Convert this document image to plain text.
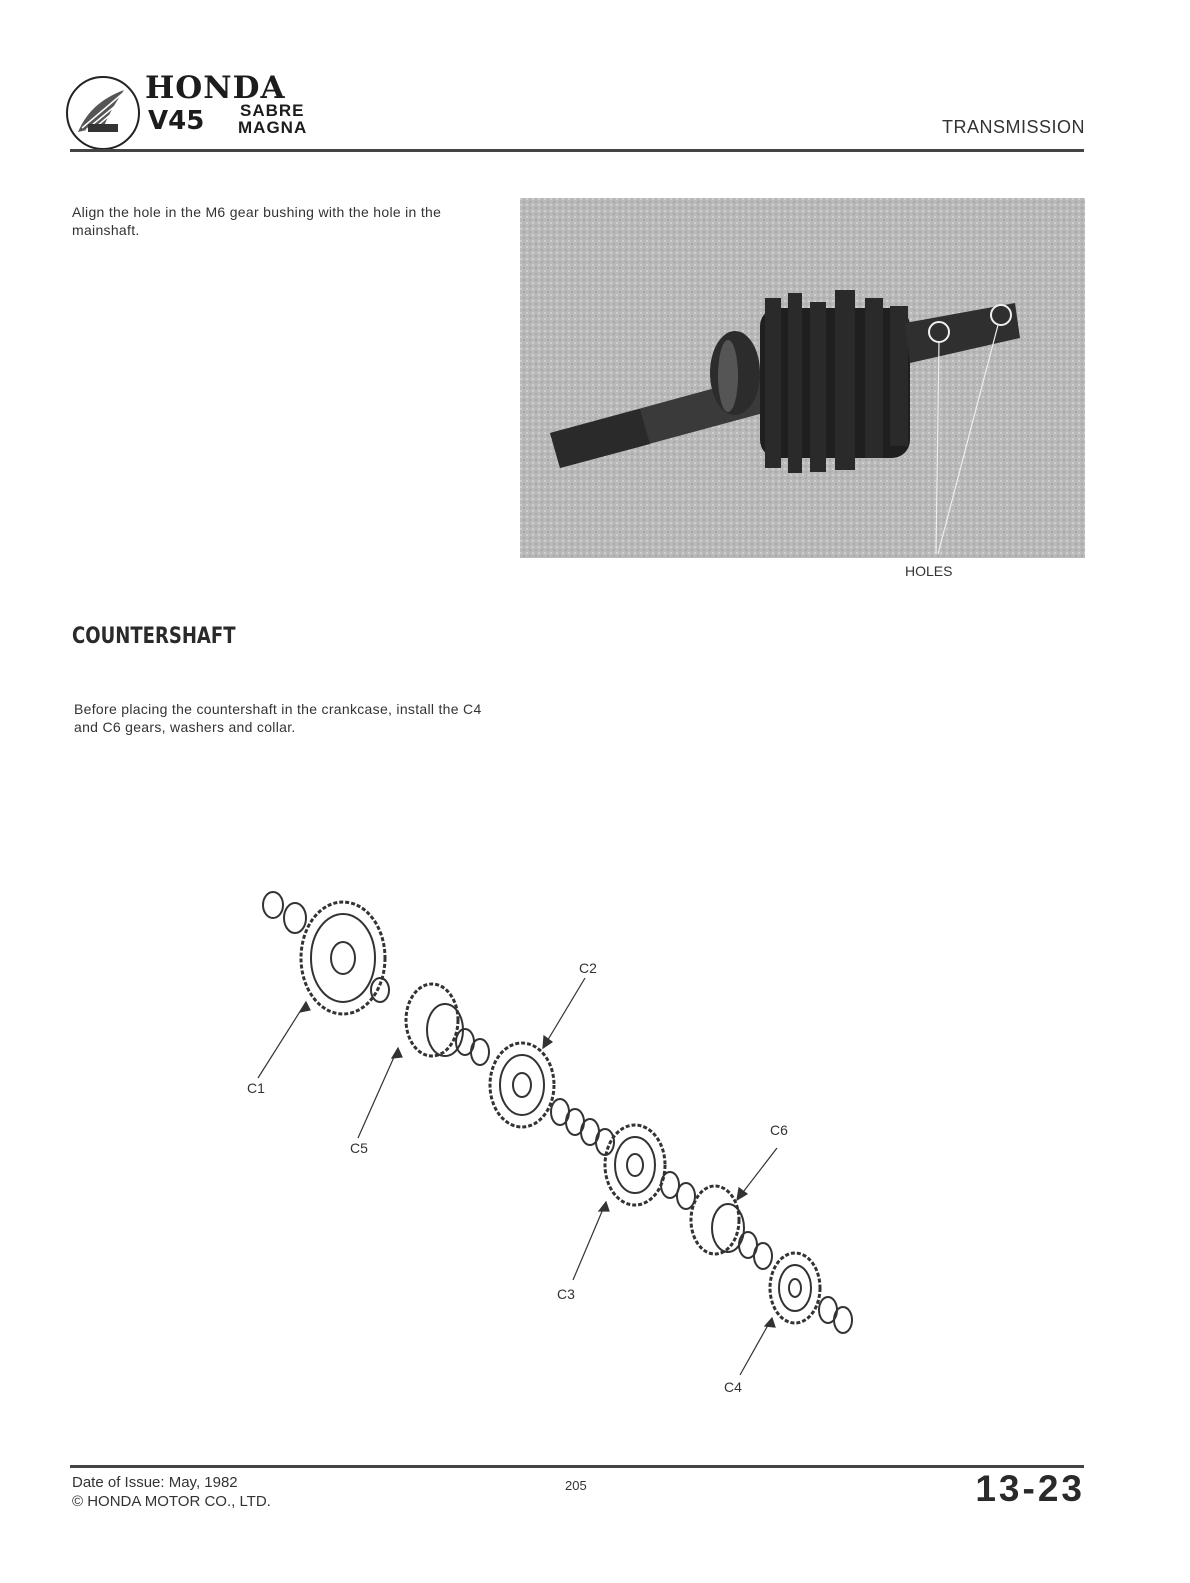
HONDA
V45 SABRE
MAGNA	TRANSMISSION
Align the hole in the M6 gear bushing with the hole in the mainshaft.
HOLES
COUNTERSHAFT
Before placing the countershaft in the crankcase, install the C4 and C6 gears, washers and collar.
C1
C5
C2
C3
C6
C4
Date of Issue: May, 1982
© HONDA MOTOR CO., LTD.
205	13-23
